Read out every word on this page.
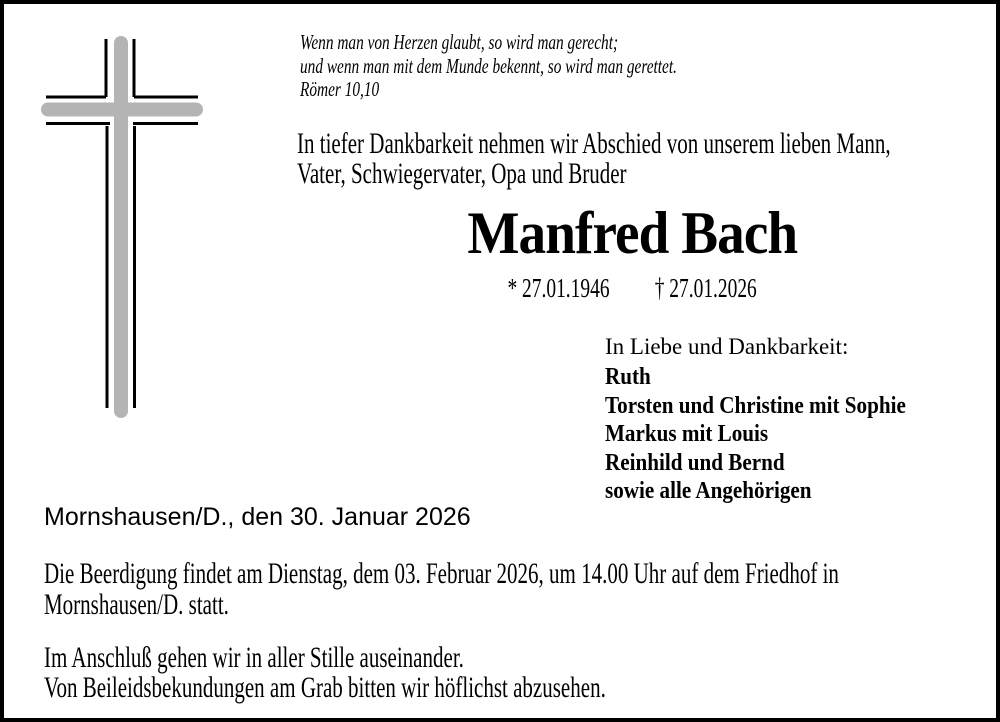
Wenn man von Herzen glaubt, so wird man gerecht;
und wenn man mit dem Munde bekennt, so wird man gerettet.
Römer 10,10
In tiefer Dankbarkeit nehmen wir Abschied von unserem lieben Mann,
Vater, Schwiegervater, Opa und Bruder
Manfred Bach
* 27.01.1946 † 27.01.2026
In Liebe und Dankbarkeit:
Ruth
Torsten und Christine mit Sophie
Markus mit Louis
Reinhild und Bernd
sowie alle Angehörigen
Mornshausen/D., den 30. Januar 2026
Die Beerdigung findet am Dienstag, dem 03. Februar 2026, um 14.00 Uhr auf dem Friedhof in
Mornshausen/D. statt.
Im Anschluß gehen wir in aller Stille auseinander.
Von Beileidsbekundungen am Grab bitten wir höflichst abzusehen.
